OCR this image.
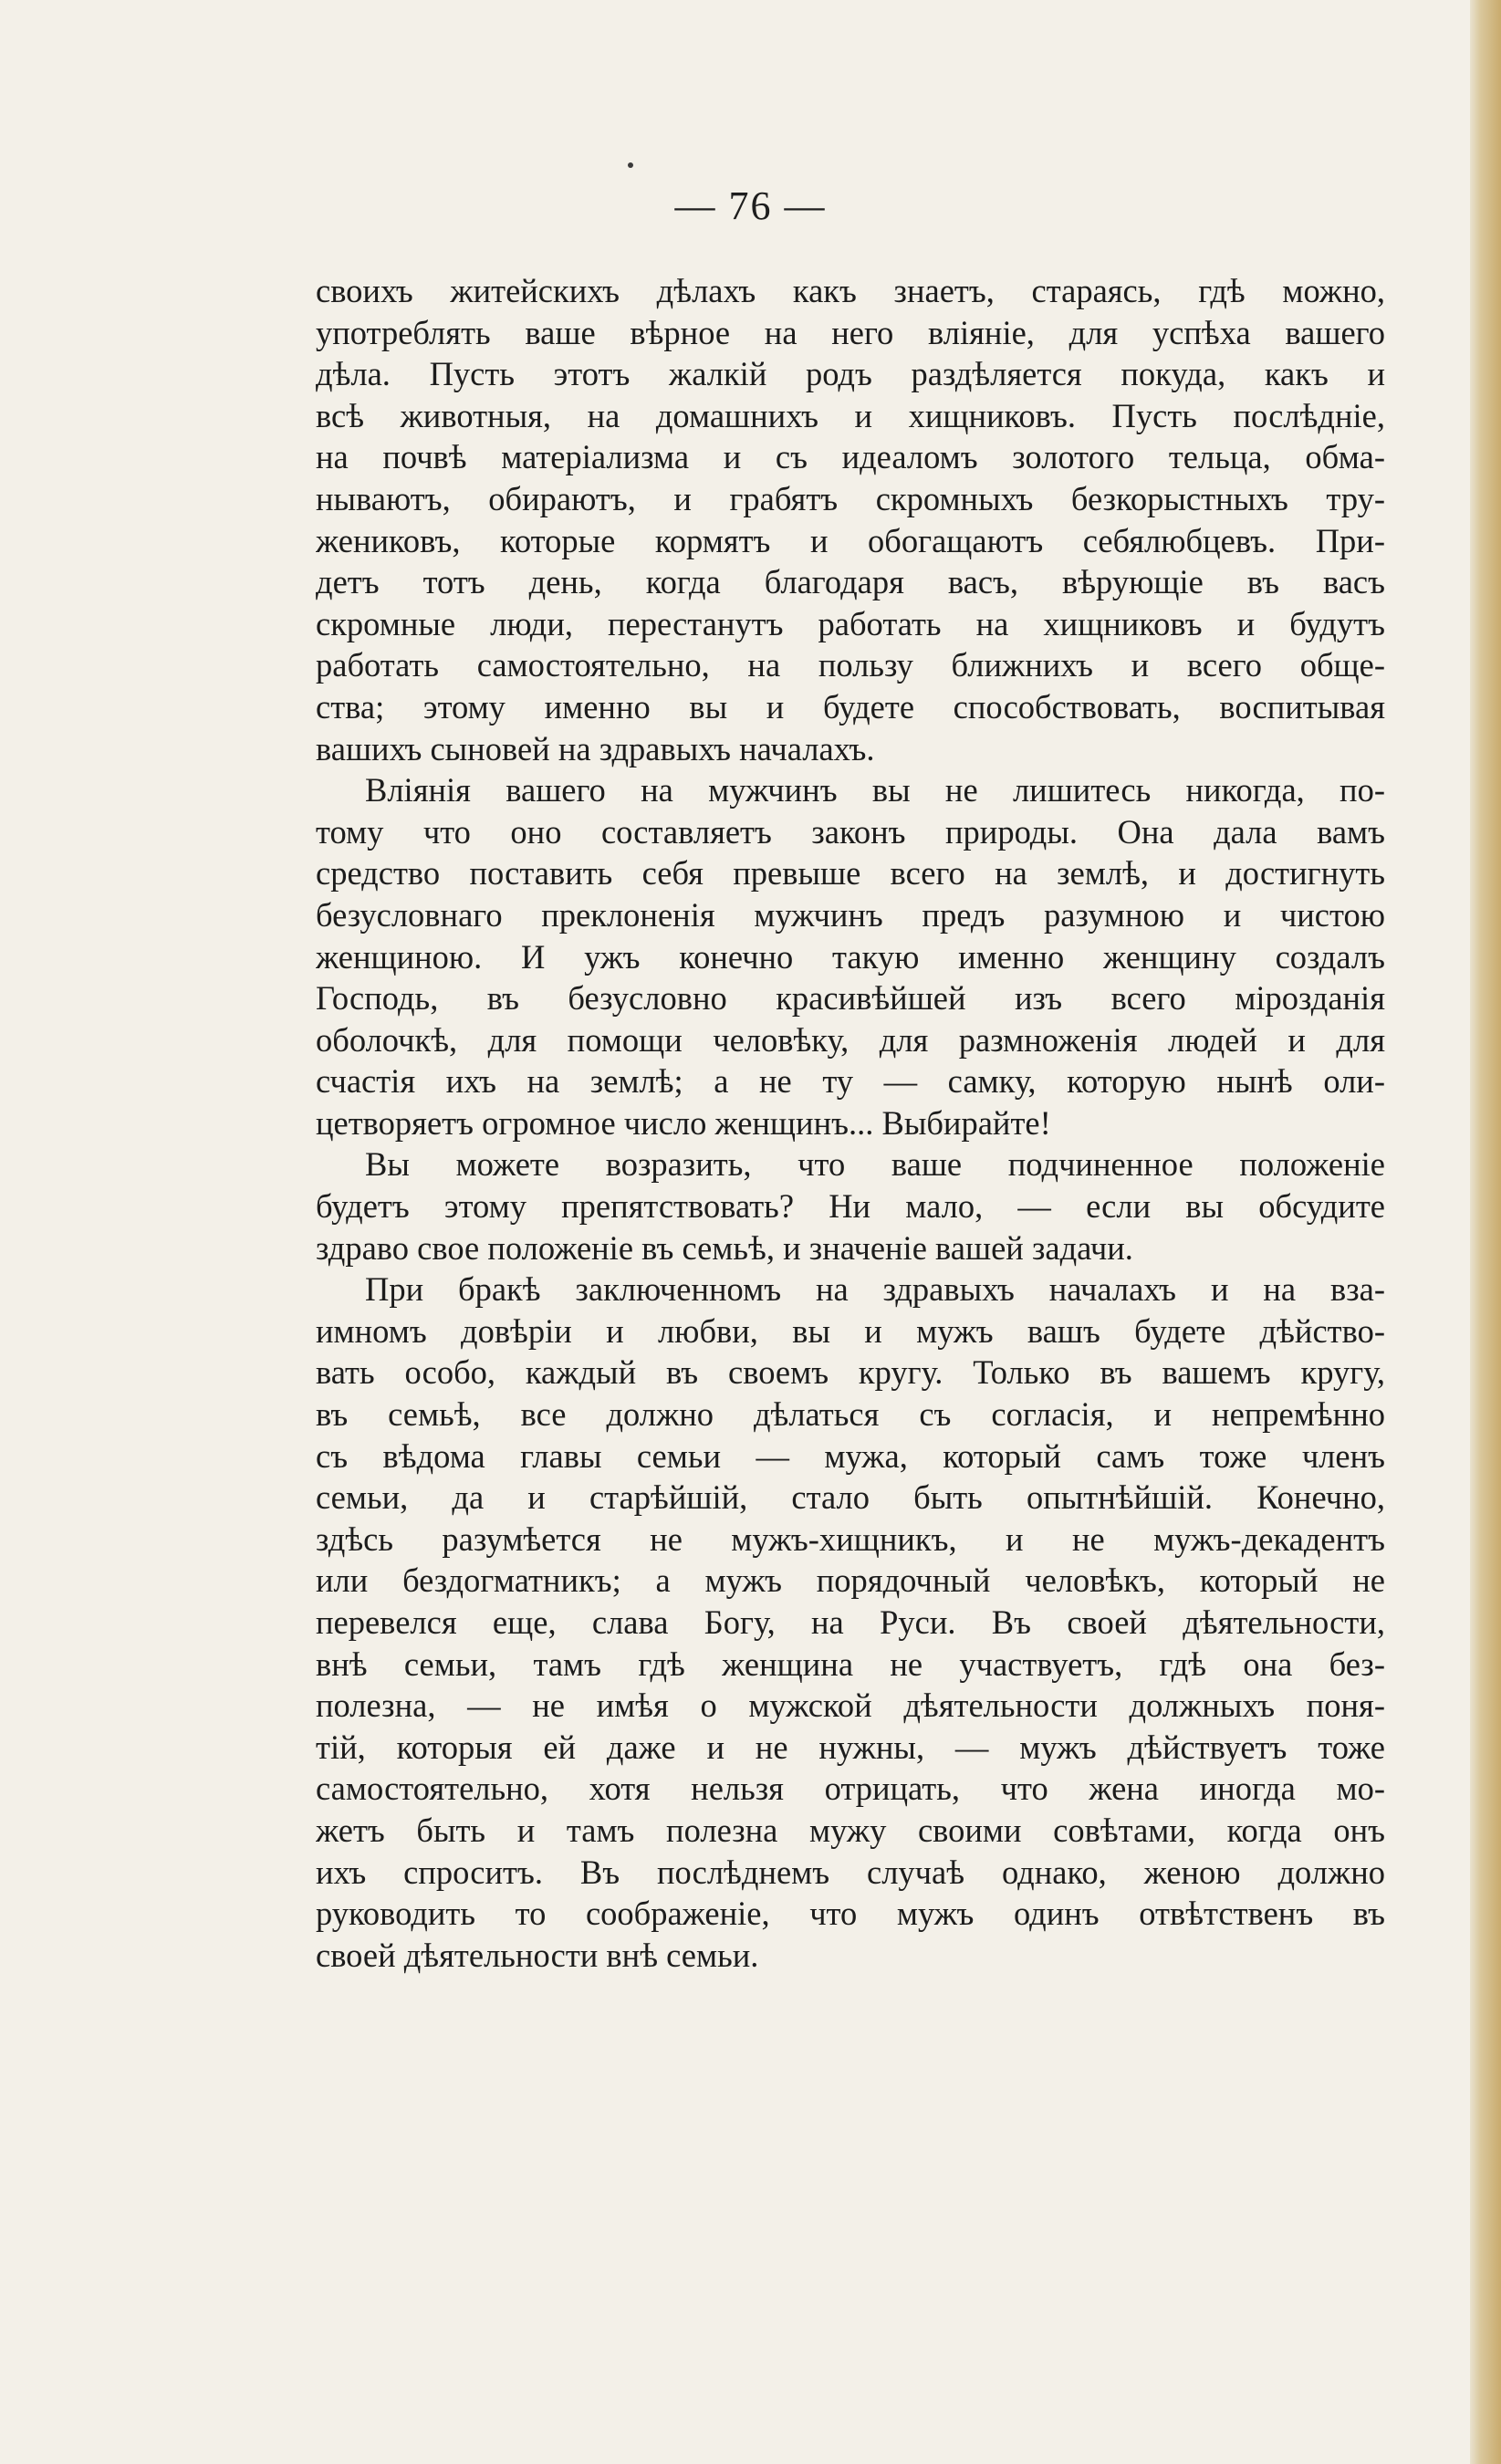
— 76 —
своихъ житейскихъ дѣлахъ какъ знаетъ, стараясь, гдѣ можно,
употреблять ваше вѣрное на него вліяніе, для успѣха вашего
дѣла. Пусть этотъ жалкій родъ раздѣляется покуда, какъ и
всѣ животныя, на домашнихъ и хищниковъ. Пусть послѣдніе,
на почвѣ матеріализма и съ идеаломъ золотого тельца, обма-
нываютъ, обираютъ, и грабятъ скромныхъ безкорыстныхъ тру-
жениковъ, которые кормятъ и обогащаютъ себялюбцевъ. При-
детъ тотъ день, когда благодаря васъ, вѣрующіе въ васъ
скромные люди, перестанутъ работать на хищниковъ и будутъ
работать самостоятельно, на пользу ближнихъ и всего обще-
ства; этому именно вы и будете способствовать, воспитывая
вашихъ сыновей на здравыхъ началахъ.
Вліянія вашего на мужчинъ вы не лишитесь никогда, по-
тому что оно составляетъ законъ природы. Она дала вамъ
средство поставить себя превыше всего на землѣ, и достигнуть
безусловнаго преклоненія мужчинъ предъ разумною и чистою
женщиною. И ужъ конечно такую именно женщину создалъ
Господь, въ безусловно красивѣйшей изъ всего мірозданія
оболочкѣ, для помощи человѣку, для размноженія людей и для
счастія ихъ на землѣ; а не ту — самку, которую нынѣ оли-
цетворяетъ огромное число женщинъ... Выбирайте!
Вы можете возразить, что ваше подчиненное положеніе
будетъ этому препятствовать? Ни мало, — если вы обсудите
здраво свое положеніе въ семьѣ, и значеніе вашей задачи.
При бракѣ заключенномъ на здравыхъ началахъ и на вза-
имномъ довѣріи и любви, вы и мужъ вашъ будете дѣйство-
вать особо, каждый въ своемъ кругу. Только въ вашемъ кругу,
въ семьѣ, все должно дѣлаться съ согласія, и непремѣнно
съ вѣдома главы семьи — мужа, который самъ тоже членъ
семьи, да и старѣйшій, стало быть опытнѣйшій. Конечно,
здѣсь разумѣется не мужъ-хищникъ, и не мужъ-декадентъ
или бездогматникъ; а мужъ порядочный человѣкъ, который не
перевелся еще, слава Богу, на Руси. Въ своей дѣятельности,
внѣ семьи, тамъ гдѣ женщина не участвуетъ, гдѣ она без-
полезна, — не имѣя о мужской дѣятельности должныхъ поня-
тій, которыя ей даже и не нужны, — мужъ дѣйствуетъ тоже
самостоятельно, хотя нельзя отрицать, что жена иногда мо-
жетъ быть и тамъ полезна мужу своими совѣтами, когда онъ
ихъ спроситъ. Въ послѣднемъ случаѣ однако, женою должно
руководить то соображеніе, что мужъ одинъ отвѣтственъ въ
своей дѣятельности внѣ семьи.
